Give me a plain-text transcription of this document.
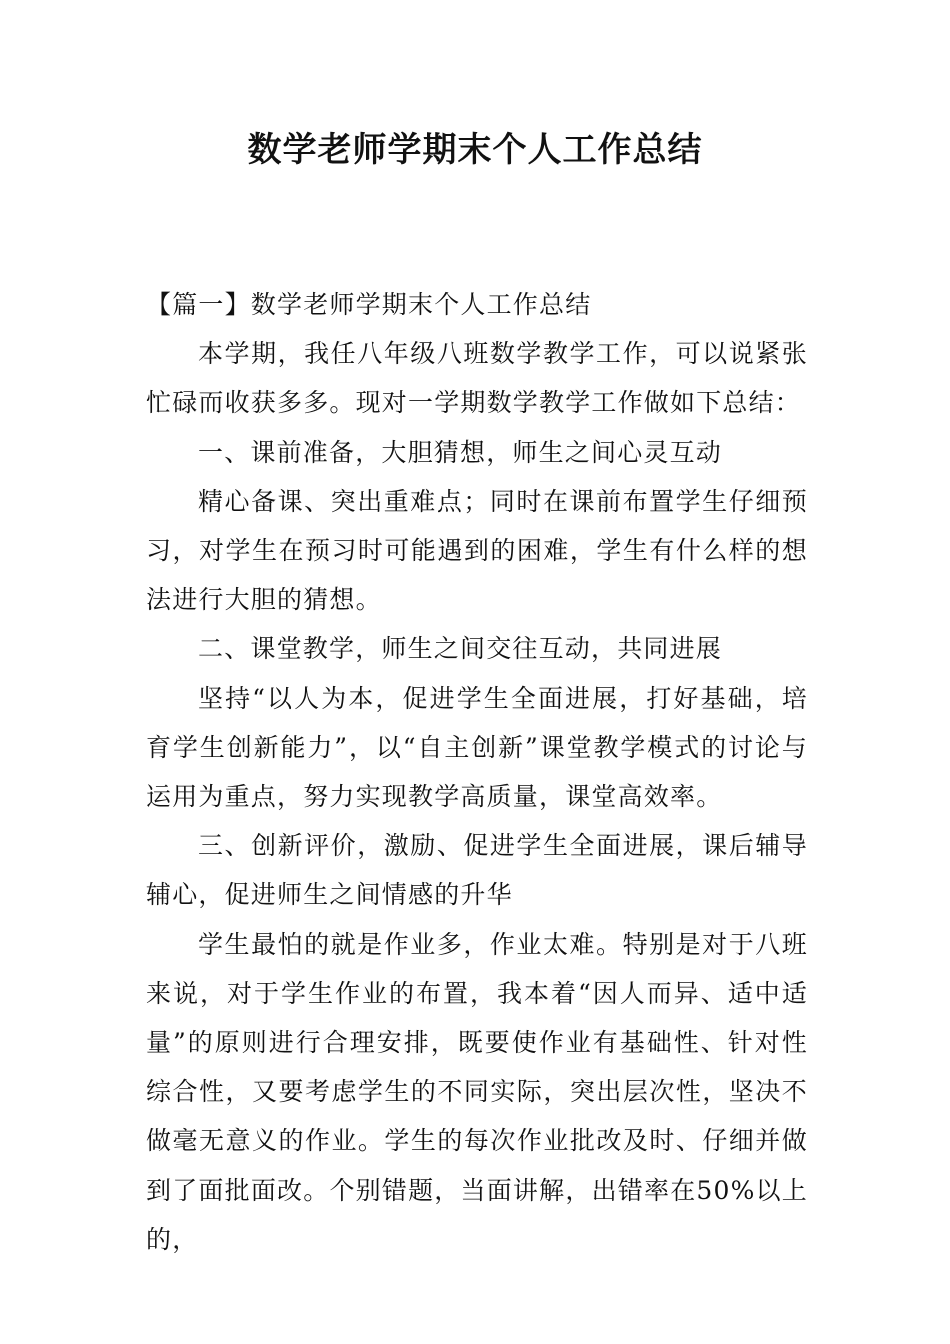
数学老师学期末个人工作总结

【篇一】数学老师学期末个人工作总结

本学期，我任八年级八班数学教学工作，可以说紧张忙碌而收获多多。现对一学期数学教学工作做如下总结：

一、课前准备，大胆猜想，师生之间心灵互动

精心备课、突出重难点；同时在课前布置学生仔细预习，对学生在预习时可能遇到的困难，学生有什么样的想法进行大胆的猜想。

二、课堂教学，师生之间交往互动，共同进展

坚持“以人为本，促进学生全面进展，打好基础，培育学生创新能力”，以“自主创新”课堂教学模式的讨论与运用为重点，努力实现教学高质量，课堂高效率。

三、创新评价，激励、促进学生全面进展，课后辅导辅心，促进师生之间情感的升华

学生最怕的就是作业多，作业太难。特别是对于八班来说，对于学生作业的布置，我本着“因人而异、适中适量”的原则进行合理安排，既要使作业有基础性、针对性综合性，又要考虑学生的不同实际，突出层次性，坚决不做毫无意义的作业。学生的每次作业批改及时、仔细并做到了面批面改。个别错题，当面讲解，出错率在50%以上的，
